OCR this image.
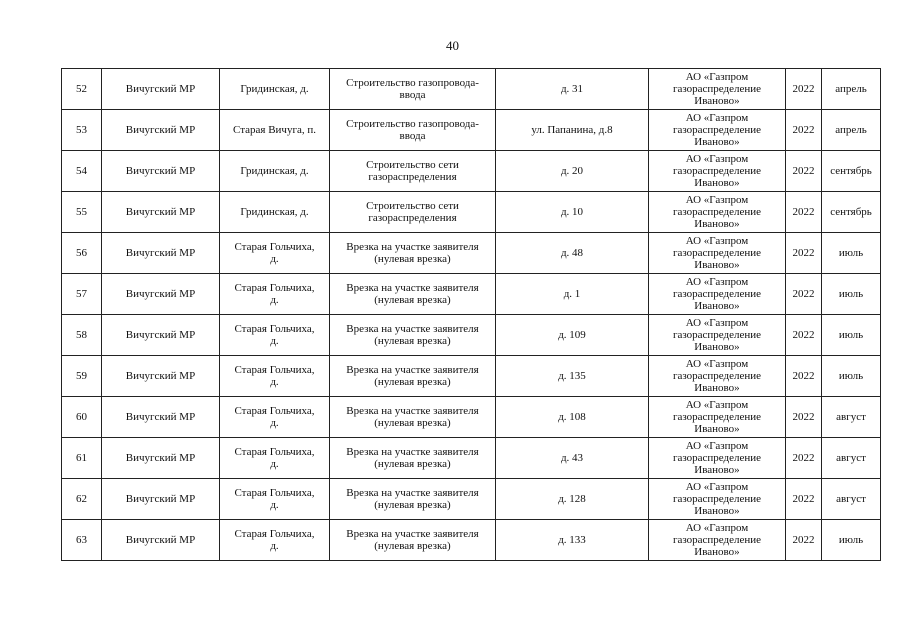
40
52	Вичугский МР	Гридинская, д.	Строительство газопровода-
ввода	д. 31	АО «Газпром
газораспределение
Иваново»	2022	апрель
53	Вичугский МР	Старая Вичуга, п.	Строительство газопровода-
ввода	ул. Папанина, д.8	АО «Газпром
газораспределение
Иваново»	2022	апрель
54	Вичугский МР	Гридинская, д.	Строительство сети
газораспределения	д. 20	АО «Газпром
газораспределение
Иваново»	2022	сентябрь
55	Вичугский МР	Гридинская, д.	Строительство сети
газораспределения	д. 10	АО «Газпром
газораспределение
Иваново»	2022	сентябрь
56	Вичугский МР	Старая Гольчиха,
д.	Врезка на участке заявителя
(нулевая врезка)	д. 48	АО «Газпром
газораспределение
Иваново»	2022	июль
57	Вичугский МР	Старая Гольчиха,
д.	Врезка на участке заявителя
(нулевая врезка)	д. 1	АО «Газпром
газораспределение
Иваново»	2022	июль
58	Вичугский МР	Старая Гольчиха,
д.	Врезка на участке заявителя
(нулевая врезка)	д. 109	АО «Газпром
газораспределение
Иваново»	2022	июль
59	Вичугский МР	Старая Гольчиха,
д.	Врезка на участке заявителя
(нулевая врезка)	д. 135	АО «Газпром
газораспределение
Иваново»	2022	июль
60	Вичугский МР	Старая Гольчиха,
д.	Врезка на участке заявителя
(нулевая врезка)	д. 108	АО «Газпром
газораспределение
Иваново»	2022	август
61	Вичугский МР	Старая Гольчиха,
д.	Врезка на участке заявителя
(нулевая врезка)	д. 43	АО «Газпром
газораспределение
Иваново»	2022	август
62	Вичугский МР	Старая Гольчиха,
д.	Врезка на участке заявителя
(нулевая врезка)	д. 128	АО «Газпром
газораспределение
Иваново»	2022	август
63	Вичугский МР	Старая Гольчиха,
д.	Врезка на участке заявителя
(нулевая врезка)	д. 133	АО «Газпром
газораспределение
Иваново»	2022	июль
